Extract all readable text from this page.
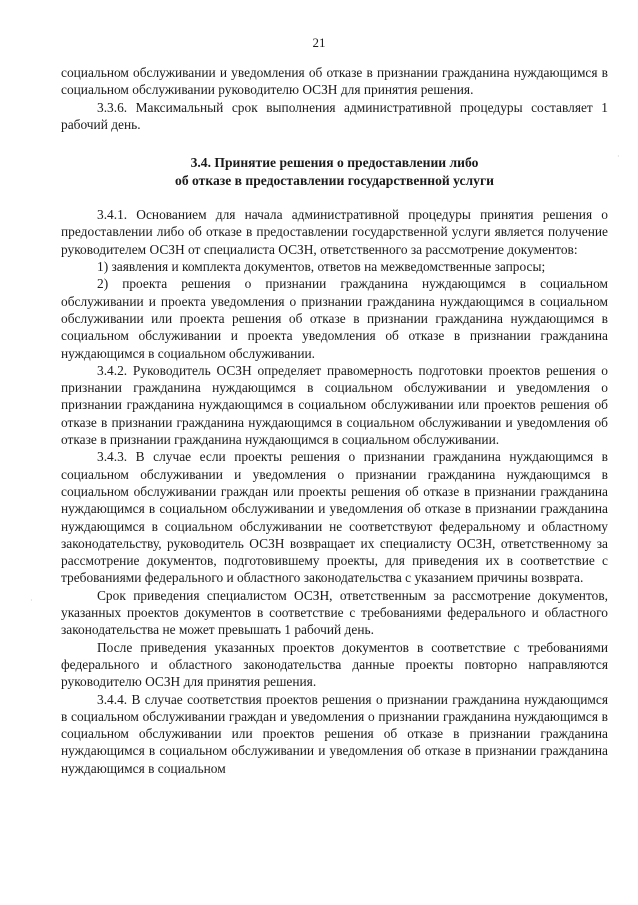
21

социальном обслуживании и уведомления об отказе в признании гражданина нуждающимся в социальном обслуживании руководителю ОСЗН для принятия решения.

3.3.6. Максимальный срок выполнения административной процедуры составляет 1 рабочий день.

3.4. Принятие решения о предоставлении либо
об отказе в предоставлении государственной услуги

3.4.1. Основанием для начала административной процедуры принятия решения о предоставлении либо об отказе в предоставлении государственной услуги является получение руководителем ОСЗН от специалиста ОСЗН, ответственного за рассмотрение документов:

1) заявления и комплекта документов, ответов на межведомственные запросы;

2) проекта решения о признании гражданина нуждающимся в социальном обслуживании и проекта уведомления о признании гражданина нуждающимся в социальном обслуживании или проекта решения об отказе в признании гражданина нуждающимся в социальном обслуживании и проекта уведомления об отказе в признании гражданина нуждающимся в социальном обслуживании.

3.4.2. Руководитель ОСЗН определяет правомерность подготовки проектов решения о признании гражданина нуждающимся в социальном обслуживании и уведомления о признании гражданина нуждающимся в социальном обслуживании или проектов решения об отказе в признании гражданина нуждающимся в социальном обслуживании и уведомления об отказе в признании гражданина нуждающимся в социальном обслуживании.

3.4.3. В случае если проекты решения о признании гражданина нуждающимся в социальном обслуживании и уведомления о признании гражданина нуждающимся в социальном обслуживании граждан или проекты решения об отказе в признании гражданина нуждающимся в социальном обслуживании и уведомления об отказе в признании гражданина нуждающимся в социальном обслуживании не соответствуют федеральному и областному законодательству, руководитель ОСЗН возвращает их специалисту ОСЗН, ответственному за рассмотрение документов, подготовившему проекты, для приведения их в соответствие с требованиями федерального и областного законодательства с указанием причины возврата.

Срок приведения специалистом ОСЗН, ответственным за рассмотрение документов, указанных проектов документов в соответствие с требованиями федерального и областного законодательства не может превышать 1 рабочий день.

После приведения указанных проектов документов в соответствие с требованиями федерального и областного законодательства данные проекты повторно направляются руководителю ОСЗН для принятия решения.

3.4.4. В случае соответствия проектов решения о признании гражданина нуждающимся в социальном обслуживании граждан и уведомления о признании гражданина нуждающимся в социальном обслуживании или проектов решения об отказе в признании гражданина нуждающимся в социальном обслуживании и уведомления об отказе в признании гражданина нуждающимся в социальном

·
·
